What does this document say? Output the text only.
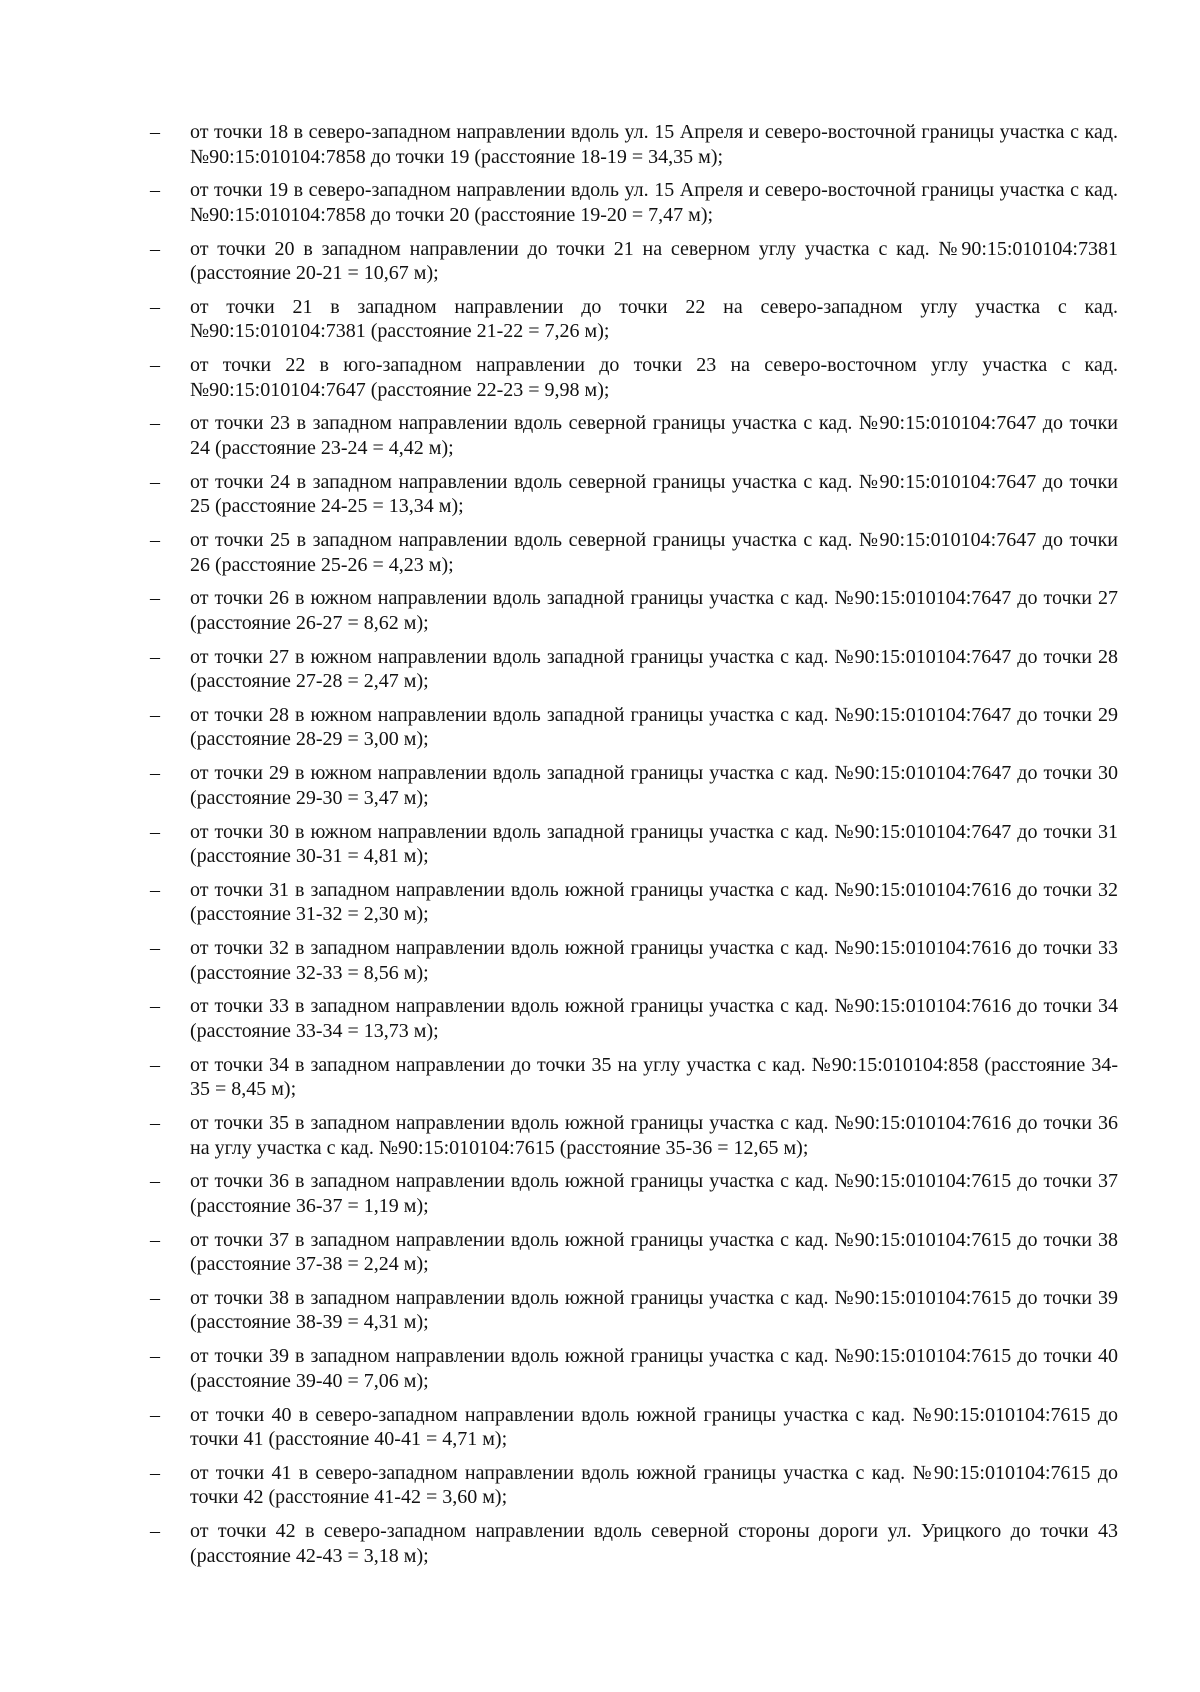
–	от точки 18 в северо-западном направлении вдоль ул. 15 Апреля и северо-восточной границы участка с кад. №90:15:010104:7858 до точки 19 (расстояние 18-19 = 34,35 м);
–	от точки 19 в северо-западном направлении вдоль ул. 15 Апреля и северо-восточной границы участка с кад. №90:15:010104:7858 до точки 20 (расстояние 19-20 = 7,47 м);
–	от точки 20 в западном направлении до точки 21 на северном углу участка с кад. №90:15:010104:7381 (расстояние 20-21 = 10,67 м);
–	от точки 21 в западном направлении до точки 22 на северо-западном углу участка с кад. №90:15:010104:7381 (расстояние 21-22 = 7,26 м);
–	от точки 22 в юго-западном направлении до точки 23 на северо-восточном углу участка с кад. №90:15:010104:7647 (расстояние 22-23 = 9,98 м);
–	от точки 23 в западном направлении вдоль северной границы участка с кад. №90:15:010104:7647 до точки 24 (расстояние 23-24 = 4,42 м);
–	от точки 24 в западном направлении вдоль северной границы участка с кад. №90:15:010104:7647 до точки 25 (расстояние 24-25 = 13,34 м);
–	от точки 25 в западном направлении вдоль северной границы участка с кад. №90:15:010104:7647 до точки 26 (расстояние 25-26 = 4,23 м);
–	от точки 26 в южном направлении вдоль западной границы участка с кад. №90:15:010104:7647 до точки 27 (расстояние 26-27 = 8,62 м);
–	от точки 27 в южном направлении вдоль западной границы участка с кад. №90:15:010104:7647 до точки 28 (расстояние 27-28 = 2,47 м);
–	от точки 28 в южном направлении вдоль западной границы участка с кад. №90:15:010104:7647 до точки 29 (расстояние 28-29 = 3,00 м);
–	от точки 29 в южном направлении вдоль западной границы участка с кад. №90:15:010104:7647 до точки 30 (расстояние 29-30 = 3,47 м);
–	от точки 30 в южном направлении вдоль западной границы участка с кад. №90:15:010104:7647 до точки 31 (расстояние 30-31 = 4,81 м);
–	от точки 31 в западном направлении вдоль южной границы участка с кад. №90:15:010104:7616 до точки 32 (расстояние 31-32 = 2,30 м);
–	от точки 32 в западном направлении вдоль южной границы участка с кад. №90:15:010104:7616 до точки 33 (расстояние 32-33 = 8,56 м);
–	от точки 33 в западном направлении вдоль южной границы участка с кад. №90:15:010104:7616 до точки 34 (расстояние 33-34 = 13,73 м);
–	от точки 34 в западном направлении до точки 35 на углу участка с кад. №90:15:010104:858 (расстояние 34-35 = 8,45 м);
–	от точки 35 в западном направлении вдоль южной границы участка с кад. №90:15:010104:7616 до точки 36 на углу участка с кад. №90:15:010104:7615 (расстояние 35-36 = 12,65 м);
–	от точки 36 в западном направлении вдоль южной границы участка с кад. №90:15:010104:7615 до точки 37 (расстояние 36-37 = 1,19 м);
–	от точки 37 в западном направлении вдоль южной границы участка с кад. №90:15:010104:7615 до точки 38 (расстояние 37-38 = 2,24 м);
–	от точки 38 в западном направлении вдоль южной границы участка с кад. №90:15:010104:7615 до точки 39 (расстояние 38-39 = 4,31 м);
–	от точки 39 в западном направлении вдоль южной границы участка с кад. №90:15:010104:7615 до точки 40 (расстояние 39-40 = 7,06 м);
–	от точки 40 в северо-западном направлении вдоль южной границы участка с кад. №90:15:010104:7615 до точки 41 (расстояние 40-41 = 4,71 м);
–	от точки 41 в северо-западном направлении вдоль южной границы участка с кад. №90:15:010104:7615 до точки 42 (расстояние 41-42 = 3,60 м);
–	от точки 42 в северо-западном направлении вдоль северной стороны дороги ул. Урицкого до точки 43 (расстояние 42-43 = 3,18 м);
